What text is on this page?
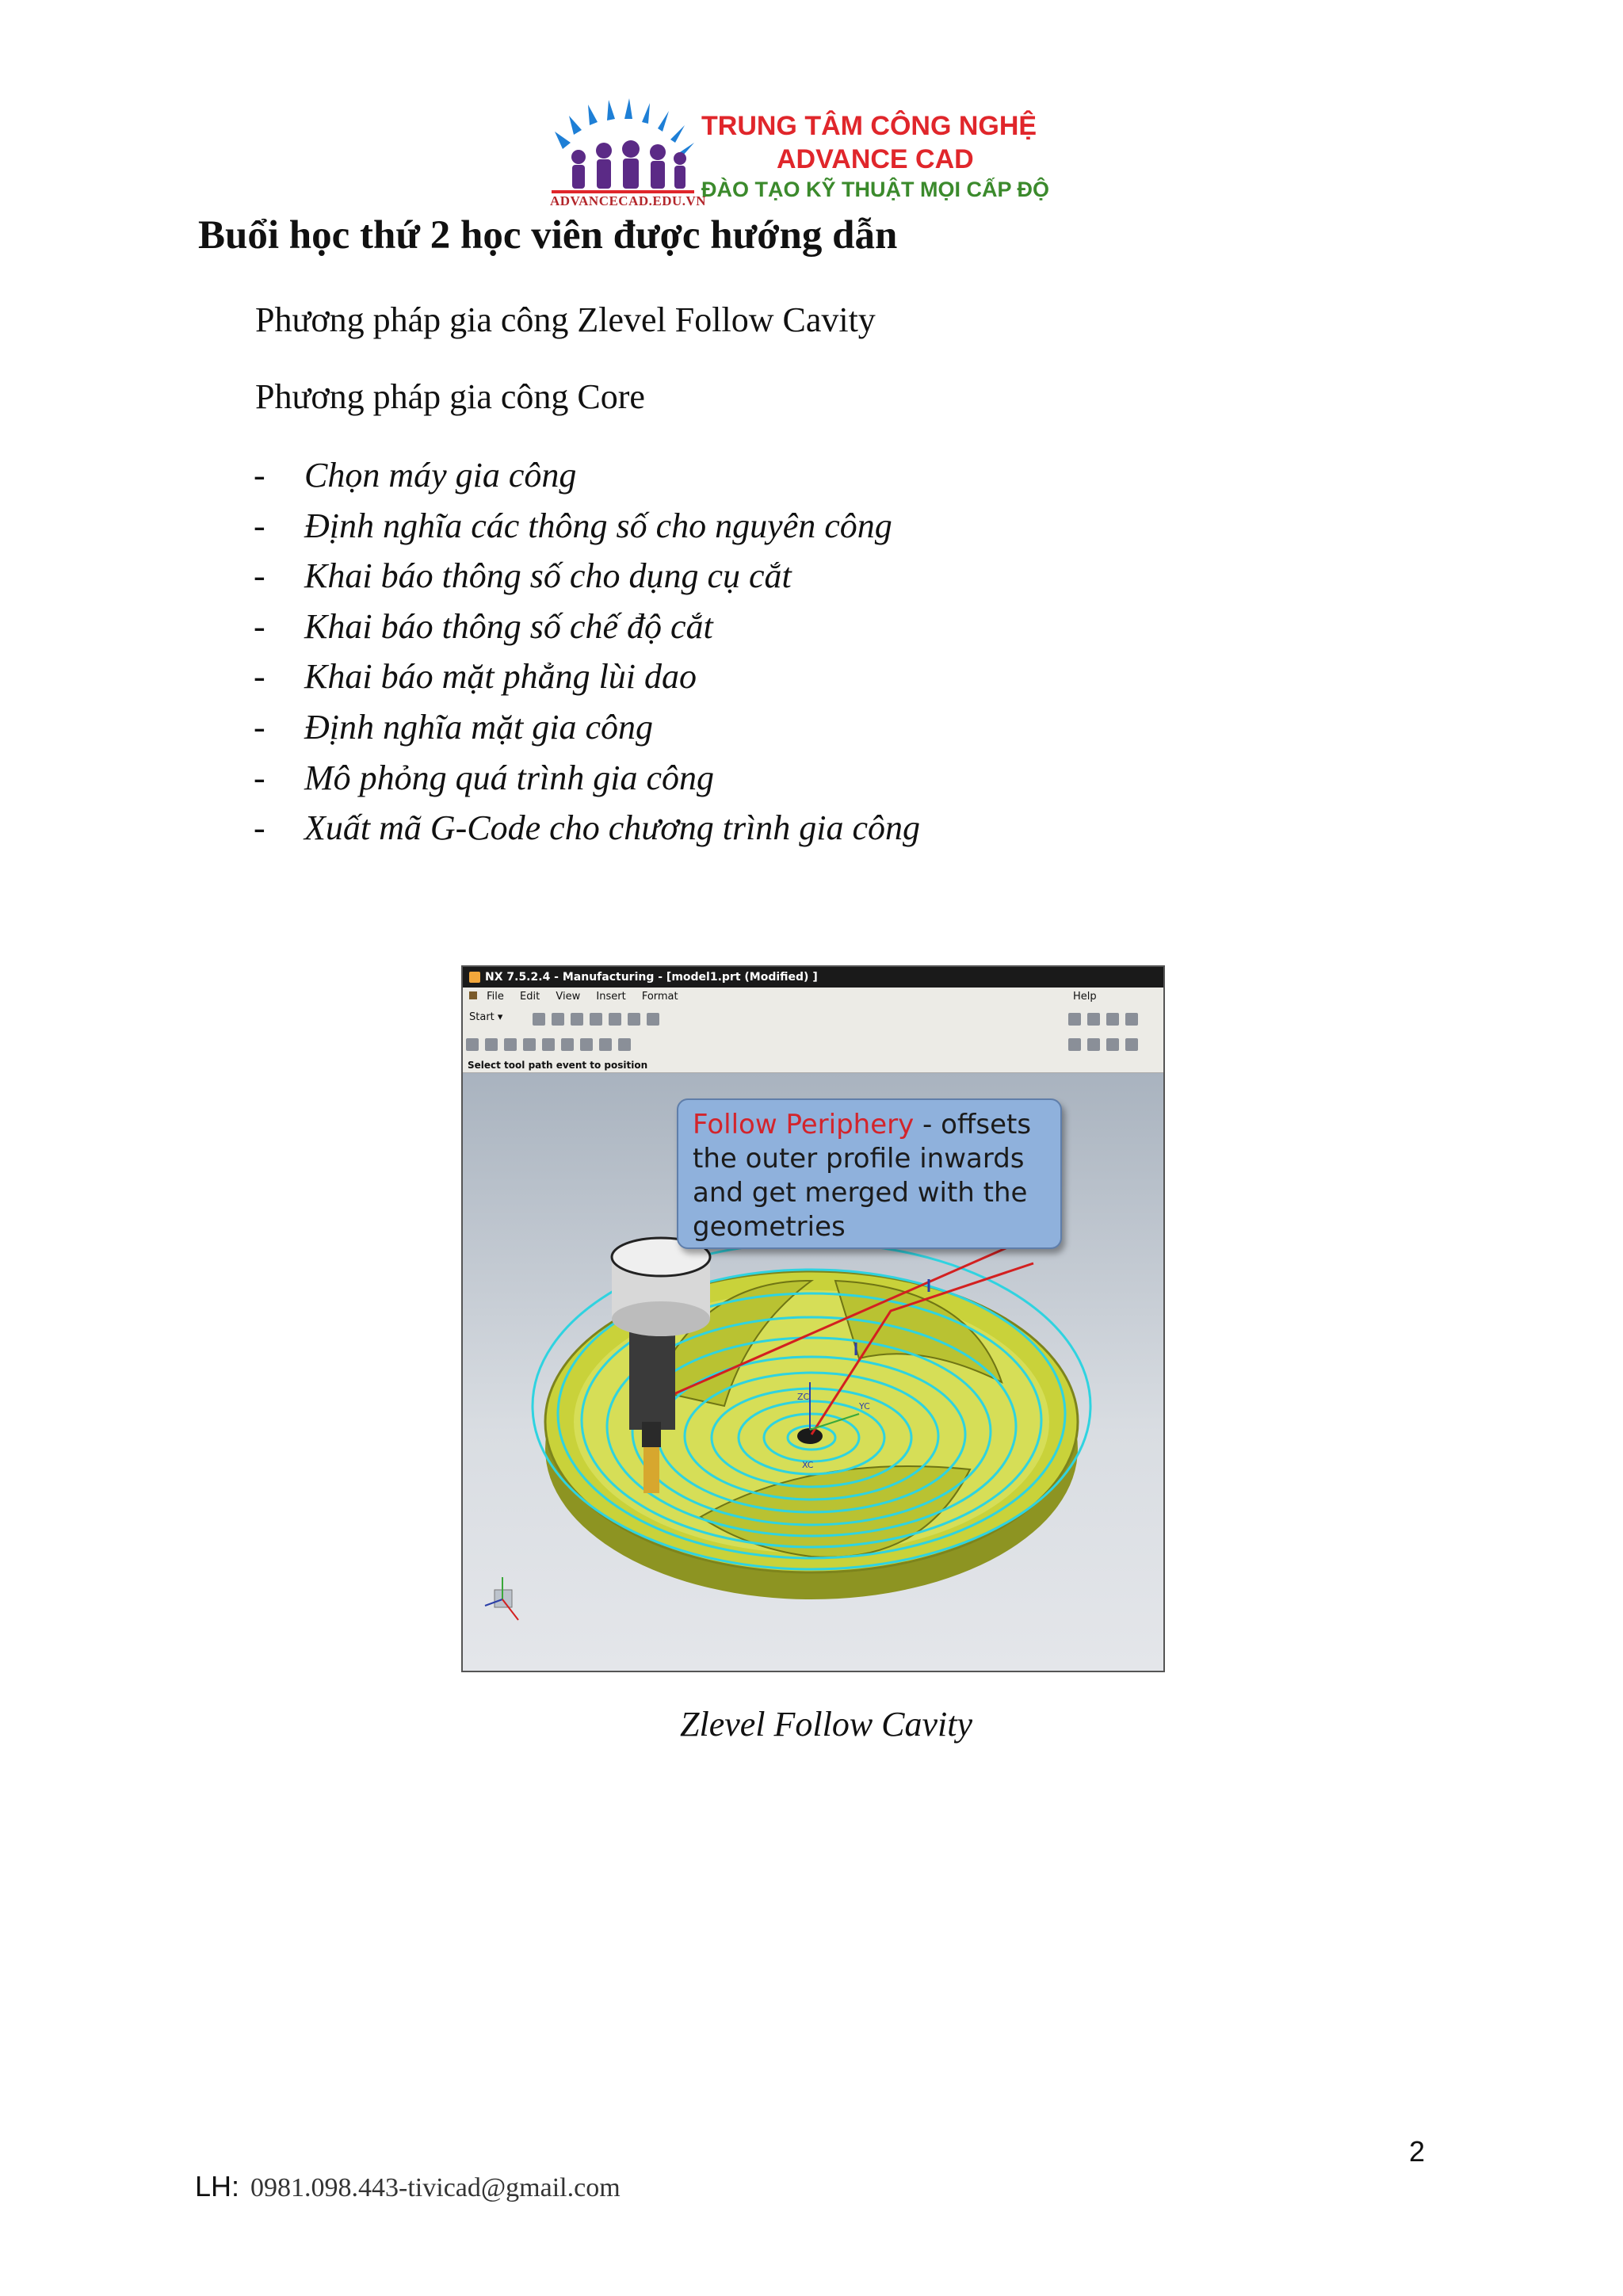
ADVANCECAD.EDU.VN
TRUNG TÂM CÔNG NGHỆ
ADVANCE CAD
ĐÀO TẠO KỸ THUẬT MỌI CẤP ĐỘ
Buổi học thứ 2 học viên được hướng dẫn
Phương pháp gia công Zlevel Follow Cavity
Phương pháp gia công Core
-	Chọn máy gia công
-	Định nghĩa các thông số cho nguyên công
-	Khai báo thông số cho dụng cụ cắt
-	Khai báo thông số chế độ cắt
-	Khai báo mặt phẳng lùi dao
-	Định nghĩa mặt gia công
-	Mô phỏng quá trình gia công
-	Xuất mã G-Code cho chương trình gia công
NX 7.5.2.4 - Manufacturing - [model1.prt (Modified) ]
File Edit View Insert Format	Help

Start ▾
Select tool path event to position
ZC
YC
XC
Follow Periphery - offsets the outer profile inwards and get merged with the geometries
Zlevel Follow Cavity
2
LH: 0981.098.443-tivicad@gmail.com
